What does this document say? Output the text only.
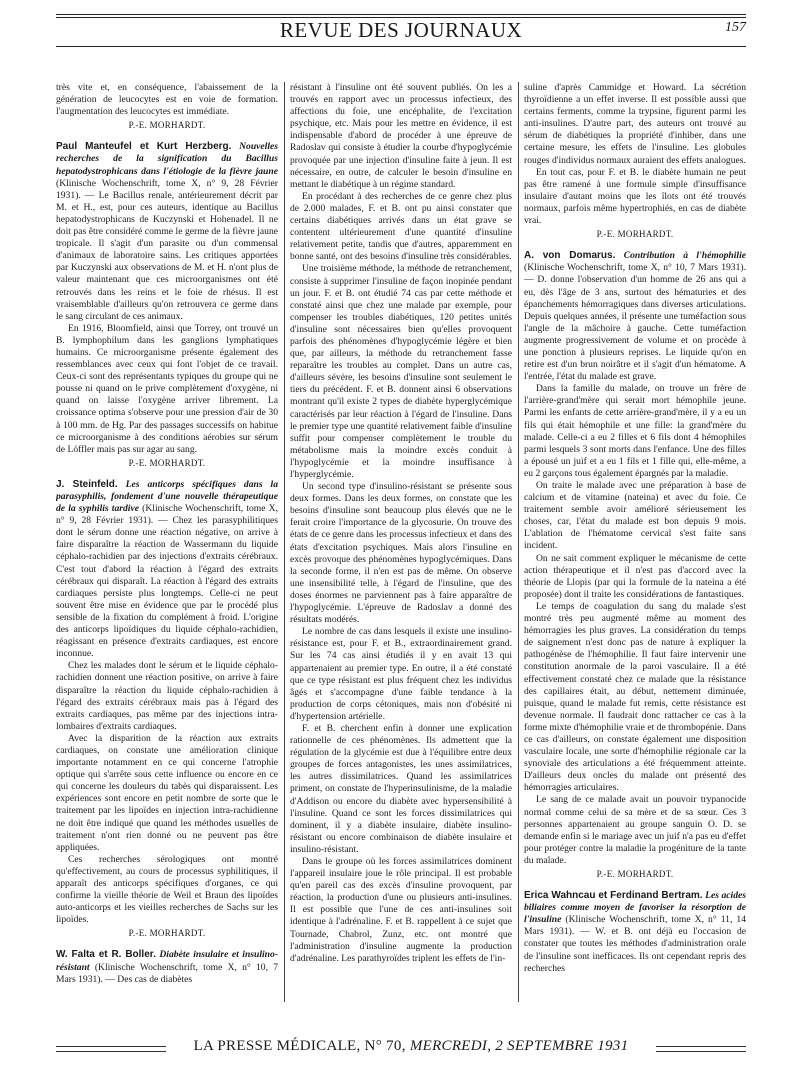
REVUE DES JOURNAUX	157

très vite et, en conséquence, l'abaissement de la génération de leucocytes est en voie de formation. l'augmentation des leucocytes est immédiate.

P.-E. MORHARDT.

Paul Manteufel et Kurt Herzberg. Nouvelles recherches de la signification du Bacillus hepatodystrophicans dans l'étiologie de la fièvre jaune (Klinische Wochenschrift, tome X, n° 9, 28 Février 1931). — Le Bacillus renale, antérieurement décrit par M. et H., est, pour ces auteurs, identique au Bacillus hepatodystrophicans de Kuczynski et Hohenadel. Il ne doit pas être considéré comme le germe de la fièvre jaune tropicale. Il s'agit d'un parasite ou d'un commensal d'animaux de laboratoire sains. Les critiques apportées par Kuczynski aux observations de M. et H. n'ont plus de valeur maintenant que ces microorganismes ont été retrouvés dans les reins et le foie de rhésus. Il est vraisemblable d'ailleurs qu'on retrouvera ce germe dans le sang circulant de ces animaux.

En 1916, Bloomfield, ainsi que Torrey, ont trouvé un B. lymphophilum dans les ganglions lymphatiques humains. Ce microorganisme présente également des ressemblances avec ceux qui font l'objet de ce travail. Ceux-ci sont des représentants typiques du groupe qui ne pousse ni quand on le prive complètement d'oxygène, ni quand on laisse l'oxygène arriver librement. La croissance optima s'observe pour une pression d'air de 30 à 100 mm. de Hg. Par des passages successifs on habitue ce microorganisme à des conditions aérobies sur sérum de Löffler mais pas sur agar au sang.

P.-E. MORHARDT.

J. Steinfeld. Les anticorps spécifiques dans la parasyphilis, fondement d'une nouvelle thérapeutique de la syphilis tardive (Klinische Wochenschrift, tome X, n° 9, 28 Février 1931). — Chez les parasyphilitiques dont le sérum donne une réaction négative, on arrive à faire disparaître la réaction de Wassermann du liquide céphalo-rachidien par des injections d'extraits cérébraux. C'est tout d'abord la réaction à l'égard des extraits cérébraux qui disparaît. La réaction à l'égard des extraits cardiaques persiste plus longtemps. Celle-ci ne peut souvent être mise en évidence que par le procédé plus sensible de la fixation du complément à froid. L'origine des anticorps lipoïdiques du liquide céphalo-rachidien, réagissant en présence d'extraits cardiaques, est encore inconnue.

Chez les malades dont le sérum et le liquide céphalo-rachidien donnent une réaction positive, on arrive à faire disparaître la réaction du liquide céphalo-rachidien à l'égard des extraits cérébraux mais pas à l'égard des extraits cardiaques, pas même par des injections intra-lombaires d'extraits cardiaques.

Avec la disparition de la réaction aux extraits cardiaques, on constate une amélioration clinique importante notamment en ce qui concerne l'atrophie optique qui s'arrête sous cette influence ou encore en ce qui concerne les douleurs du tabès qui disparaissent. Les expériences sont encore en petit nombre de sorte que le traitement par les lipoïdes en injection intra-rachidienne ne doit être indiqué que quand les méthodes usuelles de traitement n'ont rien donné ou ne peuvent pas être appliquées.

Ces recherches sérologiques ont montré qu'effectivement, au cours de processus syphilitiques, il apparaît des anticorps spécifiques d'organes, ce qui confirme la vieille théorie de Weil et Braun des lipoïdes auto-anticorps et les vieilles recherches de Sachs sur les lipoïdes.

P.-E. MORHARDT.

W. Falta et R. Boller. Diabète insulaire et insulino-résistant (Klinische Wochenschrift, tome X, n° 10, 7 Mars 1931). — Des cas de diabètes

résistant à l'insuline ont été souvent publiés. On les a trouvés en rapport avec un processus infectieux, des affections du foie, une encéphalite, de l'excitation psychique, etc. Mais pour les mettre en évidence, il est indispensable d'abord de procéder à une épreuve de Radoslav qui consiste à étudier la courbe d'hypoglycémie provoquée par une injection d'insuline faite à jeun. Il est nécessaire, en outre, de calculer le besoin d'insuline en mettant le diabétique à un régime standard.

En procédant à des recherches de ce genre chez plus de 2.000 malades, F. et B. ont pu ainsi constater que certains diabétiques arrivés dans un état grave se contentent ultérieurement d'une quantité d'insuline relativement petite, tandis que d'autres, apparemment en bonne santé, ont des besoins d'insuline très considérables.

Une troisième méthode, la méthode de retranchement, consiste à supprimer l'insuline de façon inopinée pendant un jour. F. et B. ont étudié 74 cas par cette méthode et constaté ainsi que chez une malade par exemple, pour compenser les troubles diabétiques, 120 petites unités d'insuline sont nécessaires bien qu'elles provoquent parfois des phénomènes d'hypoglycémie légère et bien que, par ailleurs, la méthode du retranchement fasse reparaître les troubles au complet. Dans un autre cas, d'ailleurs sévère, les besoins d'insuline sont seulement le tiers du précédent. F. et B. donnent ainsi 6 observations montrant qu'il existe 2 types de diabète hyperglycémique caractérisés par leur réaction à l'égard de l'insuline. Dans le premier type une quantité relativement faible d'insuline suffit pour compenser complètement le trouble du métabolisme mais la moindre excès conduit à l'hypoglycémie et la moindre insuffisance à l'hyperglycémie.

Un second type d'insulino-résistant se présente sous deux formes. Dans les deux formes, on constate que les besoins d'insuline sont beaucoup plus élevés que ne le ferait croire l'importance de la glycosurie. On trouve des états de ce genre dans les processus infectieux et dans des états d'excitation psychiques. Mais alors l'insuline en excès provoque des phénomènes hypoglycémiques. Dans la seconde forme, il n'en est pas de même. On observe une insensibilité telle, à l'égard de l'insuline, que des doses énormes ne parviennent pas à faire apparaître de l'hypoglycémie. L'épreuve de Radoslav a donné des résultats modérés.

Le nombre de cas dans lesquels il existe une insulino-résistance est, pour F. et B., extraordinairement grand. Sur les 74 cas ainsi étudiés il y en avait 13 qui appartenaient au premier type. En outre, il a été constaté que ce type résistant est plus fréquent chez les individus âgés et s'accompagne d'une faible tendance à la production de corps cétoniques, mais non d'obésité ni d'hypertension artérielle.

F. et B. cherchent enfin à donner une explication rationnelle de ces phénomènes. Ils admettent que la régulation de la glycémie est due à l'équilibre entre deux groupes de forces antagonistes, les unes assimilatrices, les autres dissimilatrices. Quand les assimilatrices priment, on constate de l'hyperinsulinisme, de la maladie d'Addison ou encore du diabète avec hypersensibilité à l'insuline. Quand ce sont les forces dissimilatrices qui dominent, il y a diabète insulaire, diabète insulino-résistant ou encore combinaison de diabète insulaire et insulino-résistant.

Dans le groupe où les forces assimilatrices dominent l'appareil insulaire joue le rôle principal. Il est probable qu'en pareil cas des excès d'insuline provoquent, par réaction, la production d'une ou plusieurs anti-insulines. Il est possible que l'une de ces anti-insulines soit identique à l'adrénaline. F. et B. rappellent à ce sujet que Tournade, Chabrol, Zunz, etc. ont montré que l'administration d'insuline augmente la production d'adrénaline. Les parathyroïdes triplent les effets de l'in-

suline d'après Cammidge et Howard. La sécrétion thyroïdienne a un effet inverse. Il est possible aussi que certains ferments, comme la trypsine, figurent parmi les anti-insulines. D'autre part, des auteurs ont trouvé au sérum de diabétiques la propriété d'inhiber, dans une certaine mesure, les effets de l'insuline. Les globules rouges d'individus normaux auraient des effets analogues.

En tout cas, pour F. et B. le diabète humain ne peut pas être ramené à une formule simple d'insuffisance insulaire d'autant moins que les îlots ont été trouvés normaux, parfois même hypertrophiés, en cas de diabète vrai.

P.-E. MORHARDT.

A. von Domarus. Contribution à l'hémophilie (Klinische Wochenschrift, tome X, n° 10, 7 Mars 1931). — D. donne l'observation d'un homme de 26 ans qui a eu, dès l'âge de 3 ans, surtout des hématuries et des épanchements hémorragiques dans diverses articulations. Depuis quelques années, il présente une tuméfaction sous l'angle de la mâchoire à gauche. Cette tuméfaction augmente progressivement de volume et on procède à une ponction à plusieurs reprises. Le liquide qu'on en retire est d'un brun noirâtre et il s'agit d'un hématome. A l'entrée, l'état du malade est grave.

Dans la famille du malade, on trouve un frère de l'arrière-grand'mère qui serait mort hémophile jeune. Parmi les enfants de cette arrière-grand'mère, il y a eu un fils qui était hémophile et une fille: la grand'mère du malade. Celle-ci a eu 2 filles et 6 fils dont 4 hémophiles parmi lesquels 3 sont morts dans l'enfance. Une des filles a épousé un juif et a eu 1 fils et 1 fille qui, elle-même, a eu 2 garçons tous également épargnés par la maladie.

On traite le malade avec une préparation à base de calcium et de vitamine (nateina) et avec du foie. Ce traitement semble avoir amélioré sérieusement les choses, car, l'état du malade est bon depuis 9 mois. L'ablation de l'hématome cervical s'est faite sans incident.

On ne sait comment expliquer le mécanisme de cette action thérapeutique et il n'est pas d'accord avec la théorie de Llopis (par qui la formule de la nateina a été proposée) dont il traite les considérations de fantastiques.

Le temps de coagulation du sang du malade s'est montré très peu augmenté même au moment des hémorragies les plus graves. La considération du temps de saignement n'est donc pas de nature à expliquer la pathogénèse de l'hémophilie. Il faut faire intervenir une constitution anormale de la paroi vasculaire. Il a été effectivement constaté chez ce malade que la résistance des capillaires était, au début, nettement diminuée, puisque, quand le malade fut remis, cette résistance est devenue normale. Il faudrait donc rattacher ce cas à la forme mixte d'hémophilie vraie et de thrombopénie. Dans ce cas d'ailleurs, on constate également une disposition vasculaire locale, une sorte d'hémophilie régionale car la synoviale des articulations a été fréquemment atteinte. D'ailleurs deux oncles du malade ont présenté des hémorragies articulaires.

Le sang de ce malade avait un pouvoir trypanocide normal comme celui de sa mère et de sa sœur. Ces 3 personnes appartenaient au groupe sanguin O. D. se demande enfin si le mariage avec un juif n'a pas eu d'effet pour protéger contre la maladie la progéniture de la tante du malade.

P.-E. MORHARDT.

Erica Wahncau et Ferdinand Bertram. Les acides biliaires comme moyen de favoriser la résorption de l'insuline (Klinische Wochenschrift, tome X, n° 11, 14 Mars 1931). — W. et B. ont déjà eu l'occasion de constater que toutes les méthodes d'administration orale de l'insuline sont inefficaces. Ils ont cependant repris des recherches

LA PRESSE MÉDICALE, N° 70, MERCREDI, 2 SEPTEMBRE 1931
